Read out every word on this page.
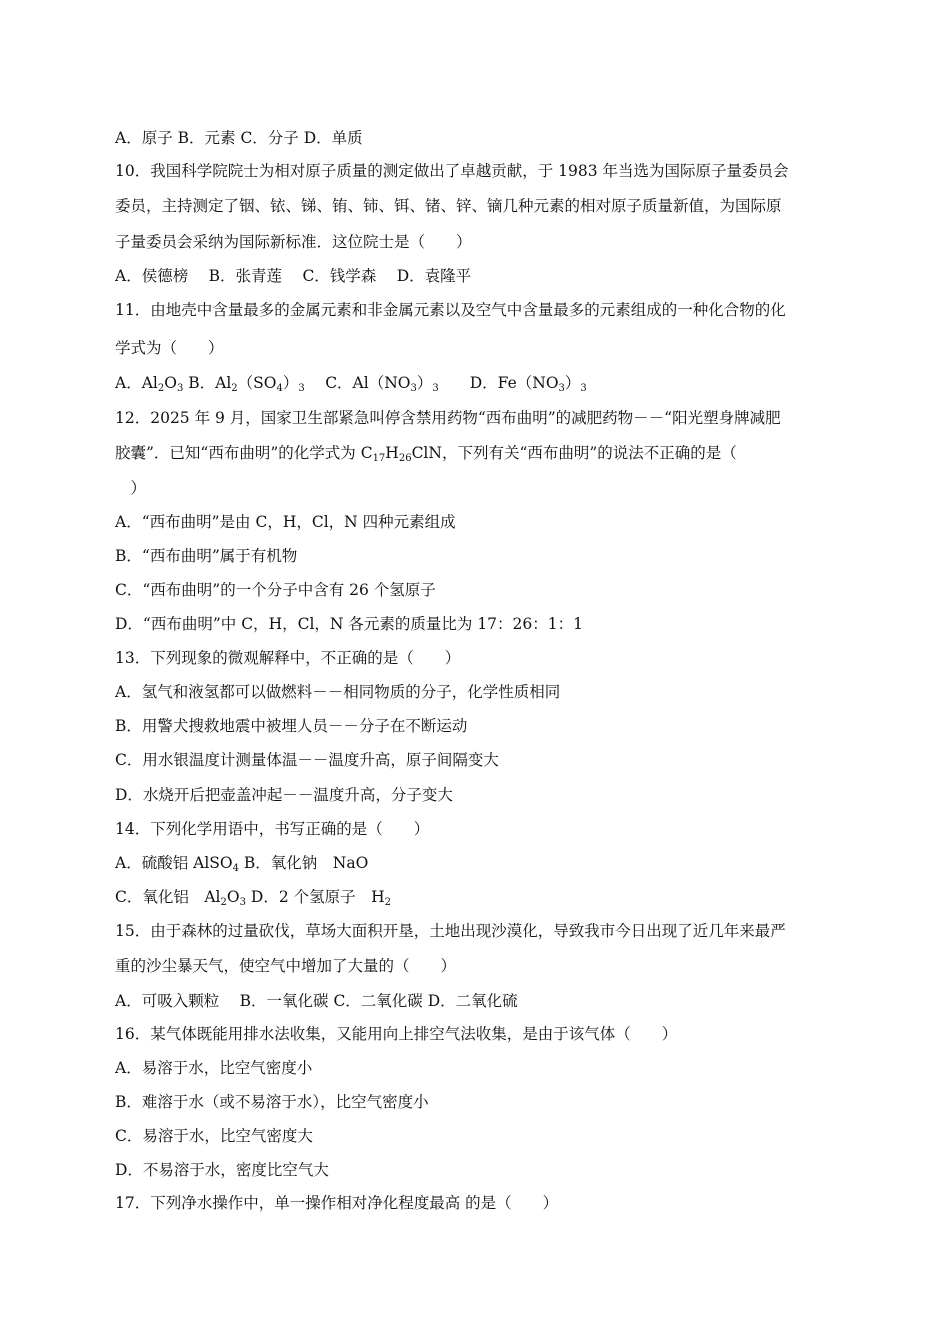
A．原子 B．元素 C．分子 D．单质
10．我国科学院院士为相对原子质量的测定做出了卓越贡献，于 1983 年当选为国际原子量委员会
委员，主持测定了铟、铱、锑、铕、铈、铒、锗、锌、镝几种元素的相对原子质量新值，为国际原
子量委员会采纳为国际新标准．这位院士是（　　）
A．侯德榜　 B．张青莲　 C．钱学森　 D．袁隆平
11．由地壳中含量最多的金属元素和非金属元素以及空气中含量最多的元素组成的一种化合物的化
学式为（　　）
A．$Al_2O_3$ B．$Al_2(SO_4)_3$　 C．$Al(NO_3)_3$　　D．$Fe(NO_3)_3$
12．2025 年 9 月，国家卫生部紧急叫停含禁用药物“西布曲明”的减肥药物－－“阳光塑身牌减肥
胶囊”．已知“西布曲明”的化学式为 $C_{17}H_{26}ClN$，下列有关“西布曲明”的说法不正确的是（
　）
A．“西布曲明”是由 C，H，Cl，N 四种元素组成
B．“西布曲明”属于有机物
C．“西布曲明”的一个分子中含有 26 个氢原子
D．“西布曲明”中 C，H，Cl，N 各元素的质量比为 17：26：1：1
13．下列现象的微观解释中，不正确的是（　　）
A．氢气和液氢都可以做燃料－－相同物质的分子，化学性质相同
B．用警犬搜救地震中被埋人员－－分子在不断运动
C．用水银温度计测量体温－－温度升高，原子间隔变大
D．水烧开后把壶盖冲起－－温度升高，分子变大
14．下列化学用语中，书写正确的是（　　）
A．硫酸铝 AlSO$_4$ B．氧化钠　NaO
C．氧化铝　$Al_2O_3$ D．2 个氢原子　$H_2$
15．由于森林的过量砍伐，草场大面积开垦，土地出现沙漠化，导致我市今日出现了近几年来最严
重的沙尘暴天气，使空气中增加了大量的（　　）
A．可吸入颗粒　 B．一氧化碳 C．二氧化碳 D．二氧化硫
16．某气体既能用排水法收集，又能用向上排空气法收集，是由于该气体（　　）
A．易溶于水，比空气密度小
B．难溶于水（或不易溶于水），比空气密度小
C．易溶于水，比空气密度大
D．不易溶于水，密度比空气大
17．下列净水操作中，单一操作相对净化程度最高 的是（　　）
